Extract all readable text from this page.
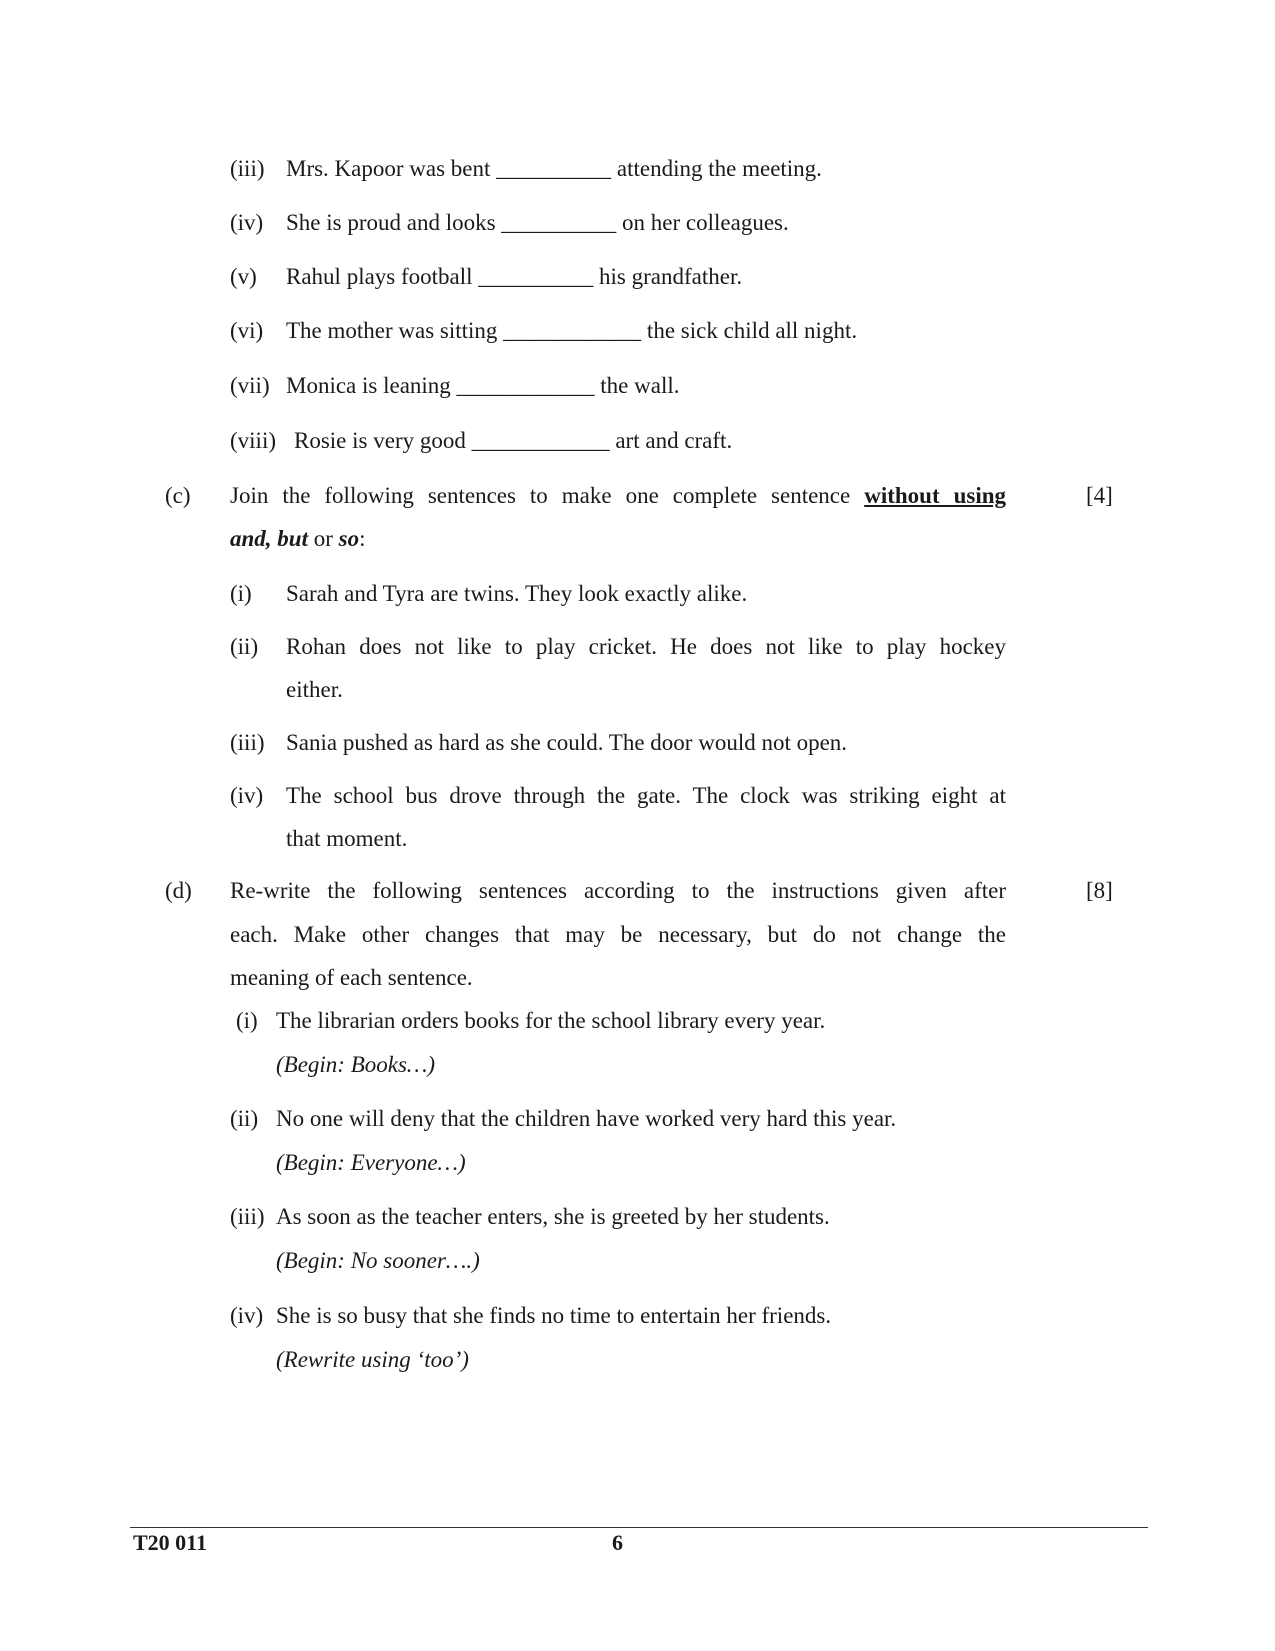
(iii) Mrs. Kapoor was bent __________ attending the meeting.
(iv) She is proud and looks __________ on her colleagues.
(v) Rahul plays football __________ his grandfather.
(vi) The mother was sitting ____________ the sick child all night.
(vii) Monica is leaning ____________ the wall.
(viii) Rosie is very good ____________ art and craft.
(c) Join the following sentences to make one complete sentence without using
and, but or so:
[4]
(i) Sarah and Tyra are twins. They look exactly alike.
(ii) Rohan does not like to play cricket. He does not like to play hockey
either.
(iii) Sania pushed as hard as she could. The door would not open.
(iv) The school bus drove through the gate. The clock was striking eight at
that moment.
(d) Re-write the following sentences according to the instructions given after
each. Make other changes that may be necessary, but do not change the
meaning of each sentence.
[8]
(i) The librarian orders books for the school library every year.
(Begin: Books…)
(ii) No one will deny that the children have worked very hard this year.
(Begin: Everyone…)
(iii) As soon as the teacher enters, she is greeted by her students.
(Begin: No sooner….)
(iv) She is so busy that she finds no time to entertain her friends.
(Rewrite using ‘too’)
T20 011	6
